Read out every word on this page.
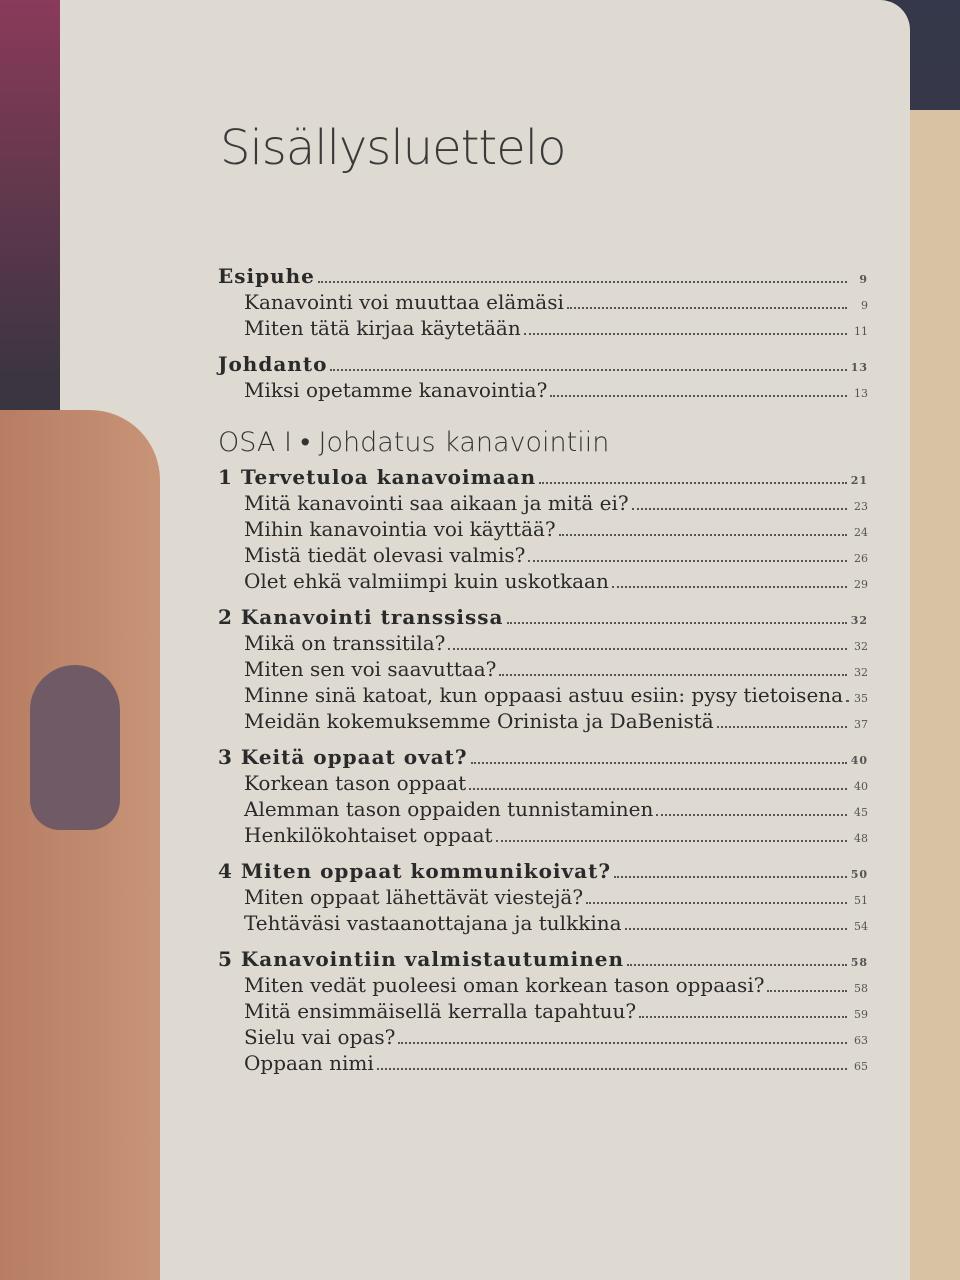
Sisällysluettelo
Esipuhe	9
Kanavointi voi muuttaa elämäsi	9
Miten tätä kirjaa käytetään	11
Johdanto	13
Miksi opetamme kanavointia?	13
OSA I • Johdatus kanavointiin
1 Tervetuloa kanavoimaan	21
Mitä kanavointi saa aikaan ja mitä ei?	23
Mihin kanavointia voi käyttää?	24
Mistä tiedät olevasi valmis?	26
Olet ehkä valmiimpi kuin uskotkaan	29
2 Kanavointi transsissa	32
Mikä on transsitila?	32
Miten sen voi saavuttaa?	32
Minne sinä katoat, kun oppaasi astuu esiin: pysy tietoisena 35
Meidän kokemuksemme Orinista ja DaBenistä	37
3 Keitä oppaat ovat?	40
Korkean tason oppaat	40
Alemman tason oppaiden tunnistaminen	45
Henkilökohtaiset oppaat	48
4 Miten oppaat kommunikoivat?	50
Miten oppaat lähettävät viestejä?	51
Tehtäväsi vastaanottajana ja tulkkina	54
5 Kanavointiin valmistautuminen	58
Miten vedät puoleesi oman korkean tason oppaasi?	58
Mitä ensimmäisellä kerralla tapahtuu?	59
Sielu vai opas?	63
Oppaan nimi	65
